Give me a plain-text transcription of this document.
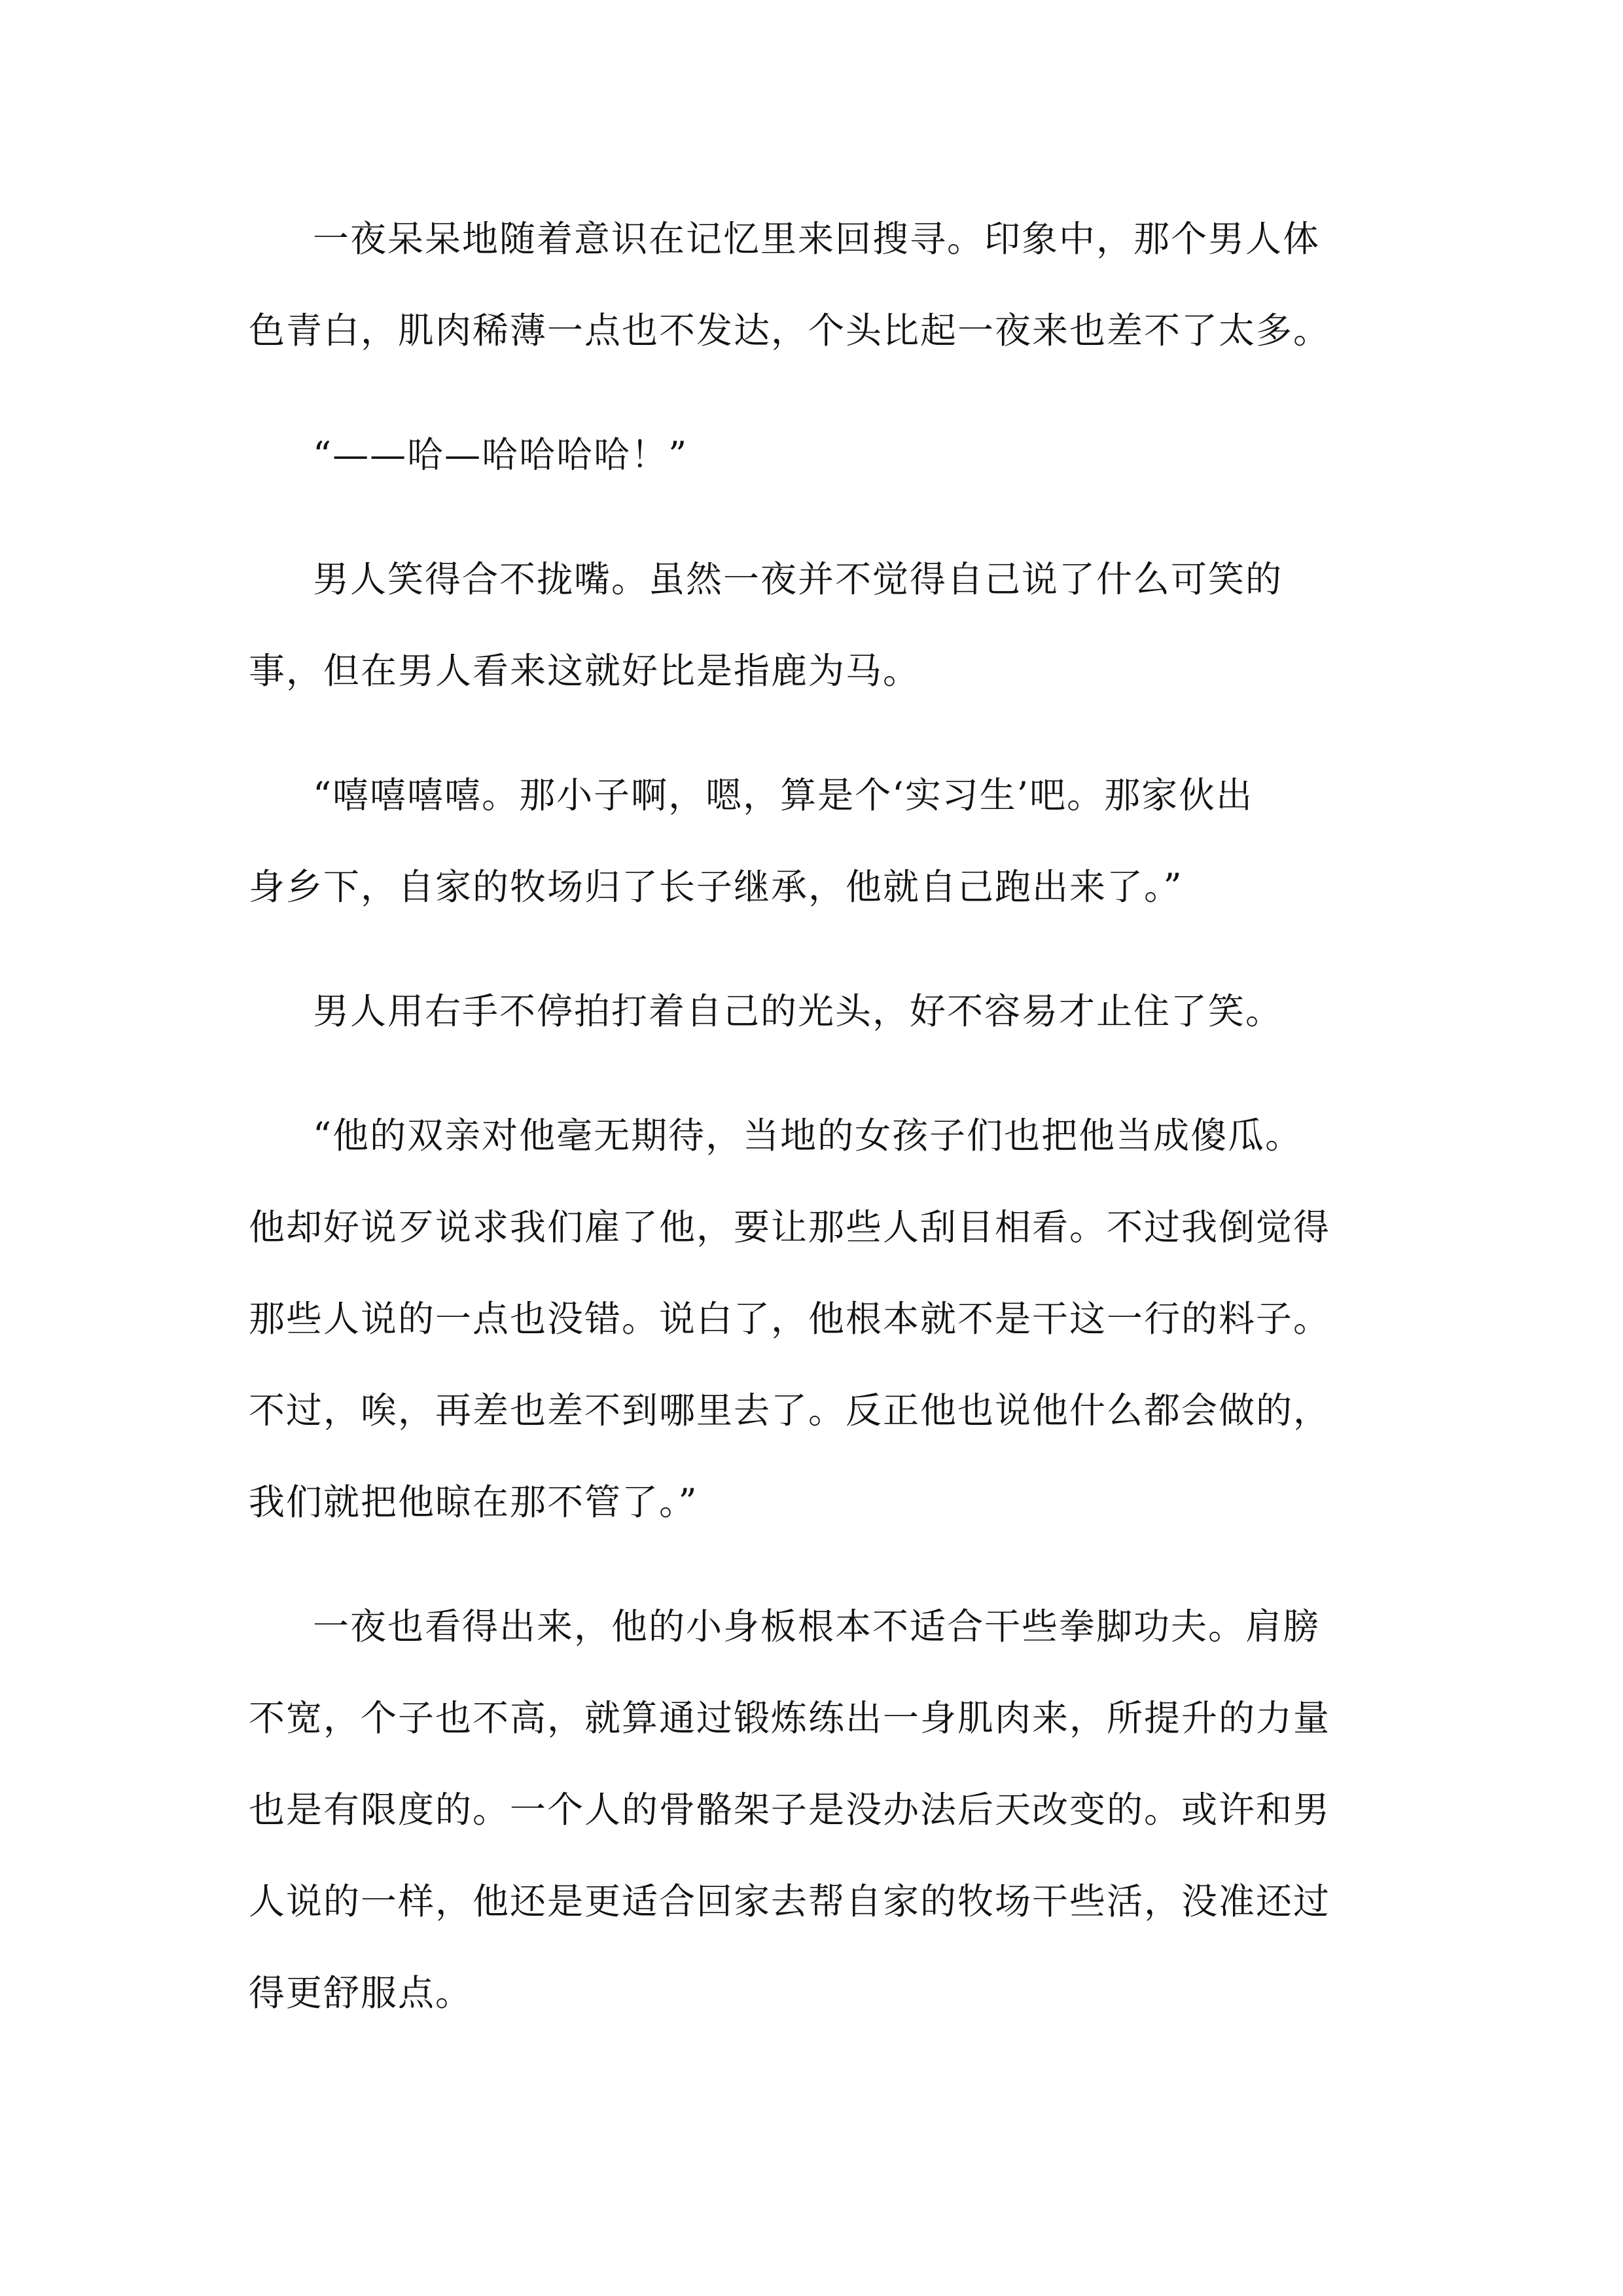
一夜呆呆地随着意识在记忆里来回搜寻。印象中，那个男人体
色青白，肌肉稀薄一点也不发达，个头比起一夜来也差不了太多。
“——哈—哈哈哈哈！”
男人笑得合不拢嘴。虽然一夜并不觉得自己说了什么可笑的
事，但在男人看来这就好比是指鹿为马。
“嘻嘻嘻嘻。那小子啊，嗯，算是个‘实习生’吧。那家伙出
身乡下，自家的牧场归了长子继承，他就自己跑出来了。”
男人用右手不停拍打着自己的光头，好不容易才止住了笑。
“他的双亲对他毫无期待，当地的女孩子们也把他当成傻瓜。
他却好说歹说求我们雇了他，要让那些人刮目相看。不过我倒觉得
那些人说的一点也没错。说白了，他根本就不是干这一行的料子。
不过，唉，再差也差不到哪里去了。反正他也说他什么都会做的，
我们就把他晾在那不管了。”
一夜也看得出来，他的小身板根本不适合干些拳脚功夫。肩膀
不宽，个子也不高，就算通过锻炼练出一身肌肉来，所提升的力量
也是有限度的。一个人的骨骼架子是没办法后天改变的。或许和男
人说的一样，他还是更适合回家去帮自家的牧场干些活，没准还过
得更舒服点。
